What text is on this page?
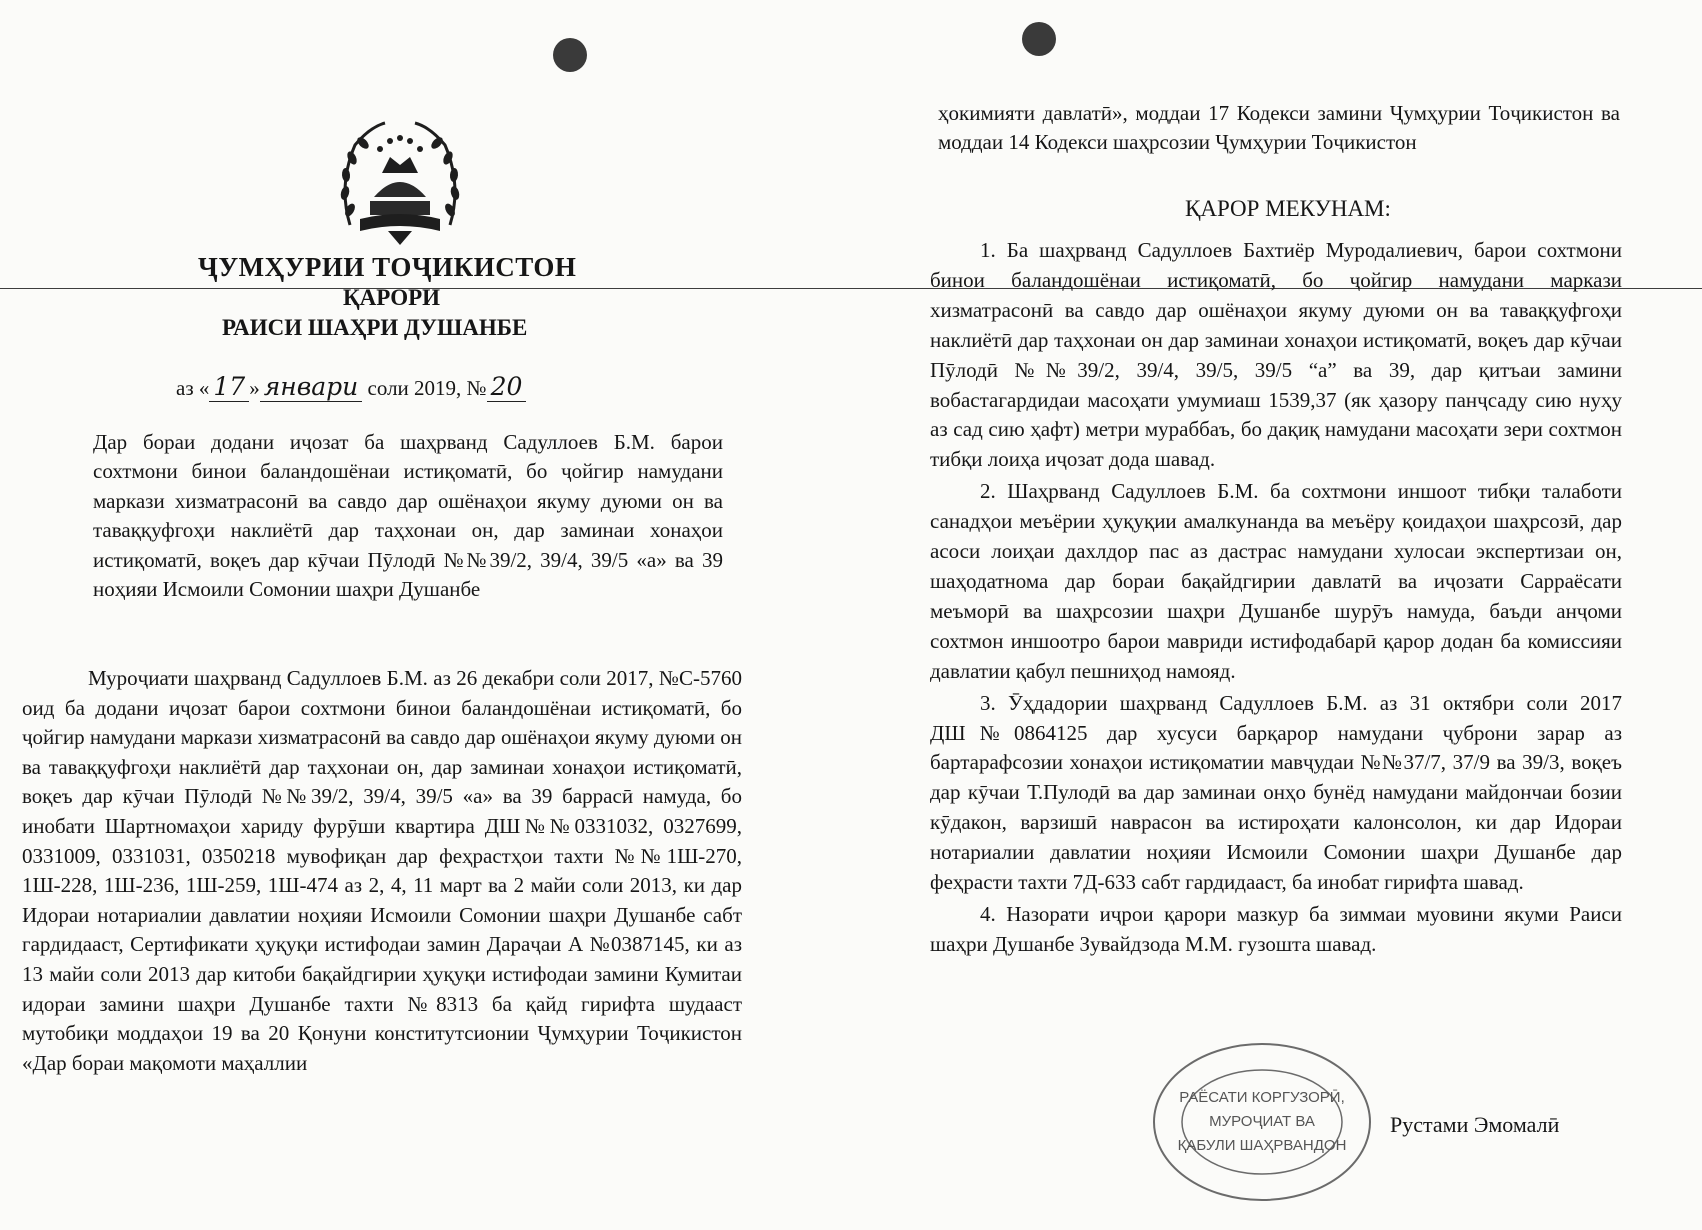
ҶУМҲУРИИ ТОҶИКИСТОН
ҚАРОРИ
РАИСИ ШАҲРИ ДУШАНБЕ
аз « 17 » январи соли 2019, № 20
Дар бораи додани иҷозат ба шаҳрванд Садуллоев Б.М. барои сохтмони бинои баландошёнаи истиқоматӣ, бо ҷойгир намудани маркази хизматрасонӣ ва савдо дар ошёнаҳои якуму дуюми он ва таваққуфгоҳи наклиётӣ дар таҳхонаи он, дар заминаи хонаҳои истиқоматӣ, воқеъ дар кӯчаи Пӯлодӣ №№39/2, 39/4, 39/5 «а» ва 39 ноҳияи Исмоили Сомонии шаҳри Душанбе
Муроҷиати шаҳрванд Садуллоев Б.М. аз 26 декабри соли 2017, №С-5760 оид ба додани иҷозат барои сохтмони бинои баландошёнаи истиқоматӣ, бо ҷойгир намудани маркази хизматрасонӣ ва савдо дар ошёнаҳои якуму дуюми он ва таваққуфгоҳи наклиётӣ дар таҳхонаи он, дар заминаи хонаҳои истиқоматӣ, воқеъ дар кӯчаи Пӯлодӣ №№39/2, 39/4, 39/5 «а» ва 39 баррасӣ намуда, бо инобати Шартномаҳои хариду фурӯши квартира ДШ№№0331032, 0327699, 0331009, 0331031, 0350218 мувофиқан дар феҳрастҳои тахти №№1Ш-270, 1Ш-228, 1Ш-236, 1Ш-259, 1Ш-474 аз 2, 4, 11 март ва 2 майи соли 2013, ки дар Идораи нотариалии давлатии ноҳияи Исмоили Сомонии шаҳри Душанбе сабт гардидааст, Сертификати ҳуқуқи истифодаи замин Дараҷаи А №0387145, ки аз 13 майи соли 2013 дар китоби бақайдгирии ҳуқуқи истифодаи замини Кумитаи идораи замини шаҳри Душанбе тахти №8313 ба қайд гирифта шудааст мутобиқи моддаҳои 19 ва 20 Қонуни конститутсионии Ҷумҳурии Тоҷикистон «Дар бораи мақомоти маҳаллии
ҳокимияти давлатӣ», моддаи 17 Кодекси замини Ҷумҳурии Тоҷикистон ва моддаи 14 Кодекси шаҳрсозии Ҷумҳурии Тоҷикистон
ҚАРОР МЕКУНАМ:

1. Ба шаҳрванд Садуллоев Бахтиёр Муродалиевич, барои сохтмони бинои баландошёнаи истиқоматӣ, бо ҷойгир намудани маркази хизматрасонӣ ва савдо дар ошёнаҳои якуму дуюми он ва таваққуфгоҳи наклиётӣ дар таҳхонаи он дар заминаи хонаҳои истиқоматӣ, воқеъ дар кӯчаи Пӯлодӣ №№39/2, 39/4, 39/5, 39/5 “а” ва 39, дар қитъаи замини вобастагардидаи масоҳати умумиаш 1539,37 (як ҳазору панҷсаду сию нуҳу аз сад сию ҳафт) метри мураббаъ, бо дақиқ намудани масоҳати зери сохтмон тибқи лоиҳа иҷозат дода шавад.

2. Шаҳрванд Садуллоев Б.М. ба сохтмони иншоот тибқи талаботи санадҳои меъёрии ҳуқуқии амалкунанда ва меъёру қоидаҳои шаҳрсозӣ, дар асоси лоиҳаи дахлдор пас аз дастрас намудани хулосаи экспертизаи он, шаҳодатнома дар бораи бақайдгирии давлатӣ ва иҷозати Сарраёсати меъморӣ ва шаҳрсозии шаҳри Душанбе шурӯъ намуда, баъди анҷоми сохтмон иншоотро барои мавриди истифодабарӣ қарор додан ба комиссияи давлатии қабул пешниҳод намояд.

3. Ӯҳдадории шаҳрванд Садуллоев Б.М. аз 31 октябри соли 2017 ДШ№0864125 дар хусуси барқарор намудани ҷуброни зарар аз бартарафсозии хонаҳои истиқоматии мавҷудаи №№37/7, 37/9 ва 39/3, воқеъ дар кӯчаи Т.Пулодӣ ва дар заминаи онҳо бунёд намудани майдончаи бозии кӯдакон, варзишӣ наврасон ва истироҳати калонсолон, ки дар Идораи нотариалии давлатии ноҳияи Исмоили Сомонии шаҳри Душанбе дар феҳрасти тахти 7Д-633 сабт гардидааст, ба инобат гирифта шавад.

4. Назорати иҷрои қарори мазкур ба зиммаи муовини якуми Раиси шаҳри Душанбе Зувайдзода М.М. гузошта шавад.

РАЁСАТИ КОРГУЗОРӢ,
МУРОҶИАТ ВА
ҚАБУЛИ ШАҲРВАНДОН
Рустами Эмомалӣ
